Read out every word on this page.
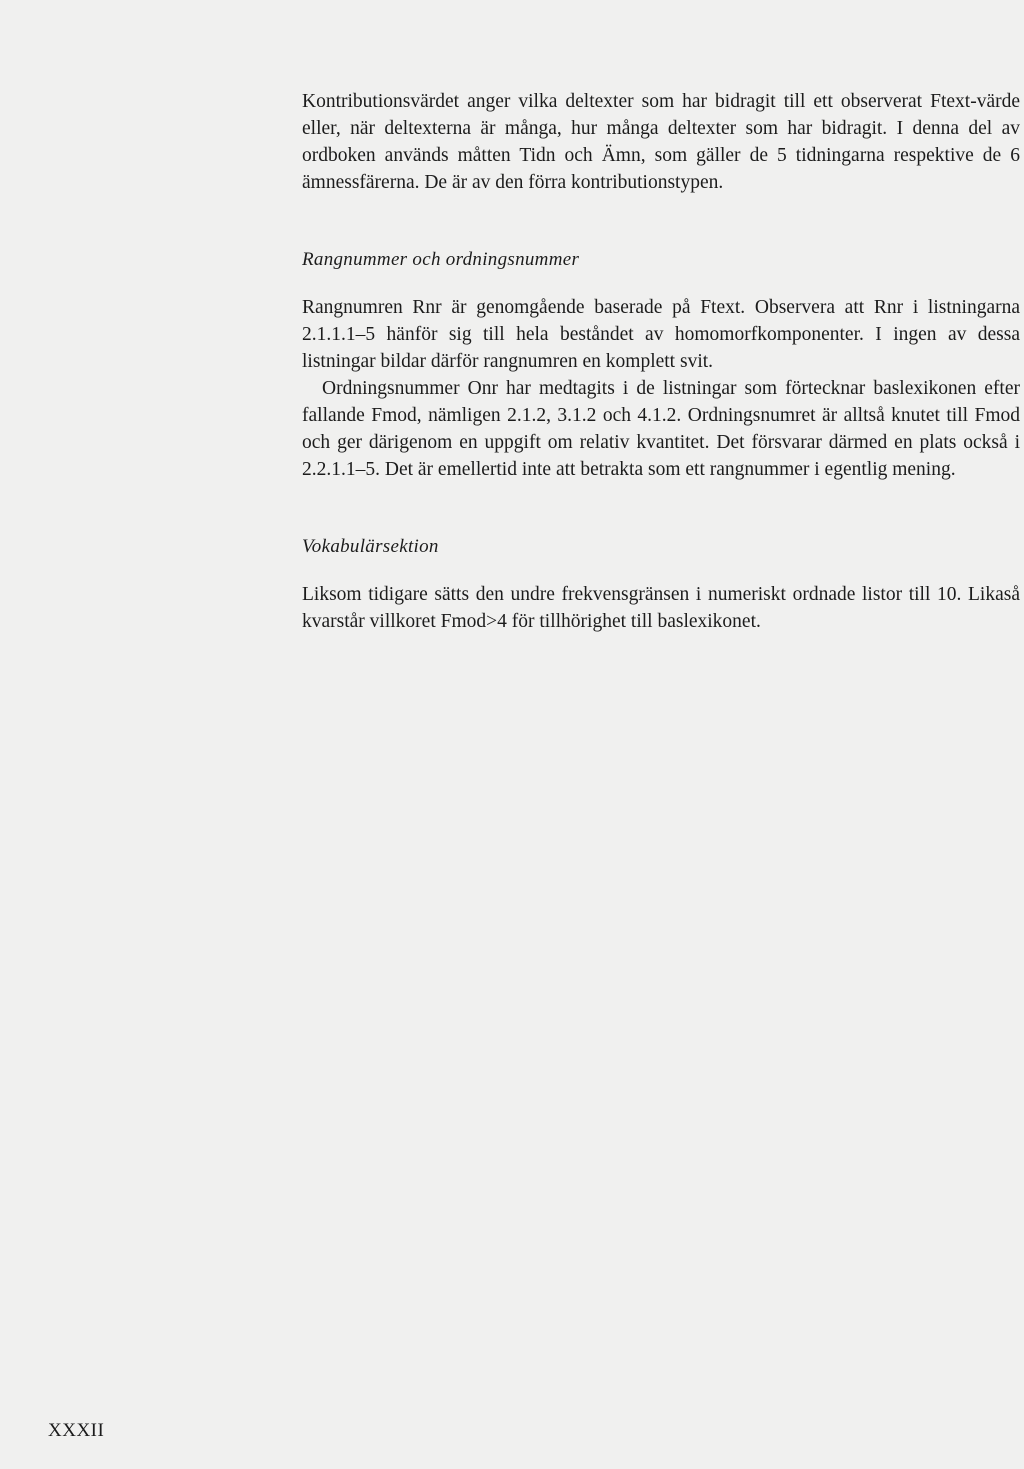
Kontributionsvärdet anger vilka deltexter som har bidragit till ett observerat Ftext-värde eller, när deltexterna är många, hur många deltexter som har bidragit. I denna del av ordboken används måtten Tidn och Ämn, som gäller de 5 tidningarna respektive de 6 ämnessfärerna. De är av den förra kontributionstypen.

Rangnummer och ordningsnummer

Rangnumren Rnr är genomgående baserade på Ftext. Observera att Rnr i listningarna 2.1.1.1–5 hänför sig till hela beståndet av homomorfkomponenter. I ingen av dessa listningar bildar därför rangnumren en komplett svit.

Ordningsnummer Onr har medtagits i de listningar som förtecknar baslexikonen efter fallande Fmod, nämligen 2.1.2, 3.1.2 och 4.1.2. Ordningsnumret är alltså knutet till Fmod och ger därigenom en uppgift om relativ kvantitet. Det försvarar därmed en plats också i 2.2.1.1–5. Det är emellertid inte att betrakta som ett rangnummer i egentlig mening.

Vokabulärsektion

Liksom tidigare sätts den undre frekvensgränsen i numeriskt ordnade listor till 10. Likaså kvarstår villkoret Fmod>4 för tillhörighet till baslexikonet.

XXXII
